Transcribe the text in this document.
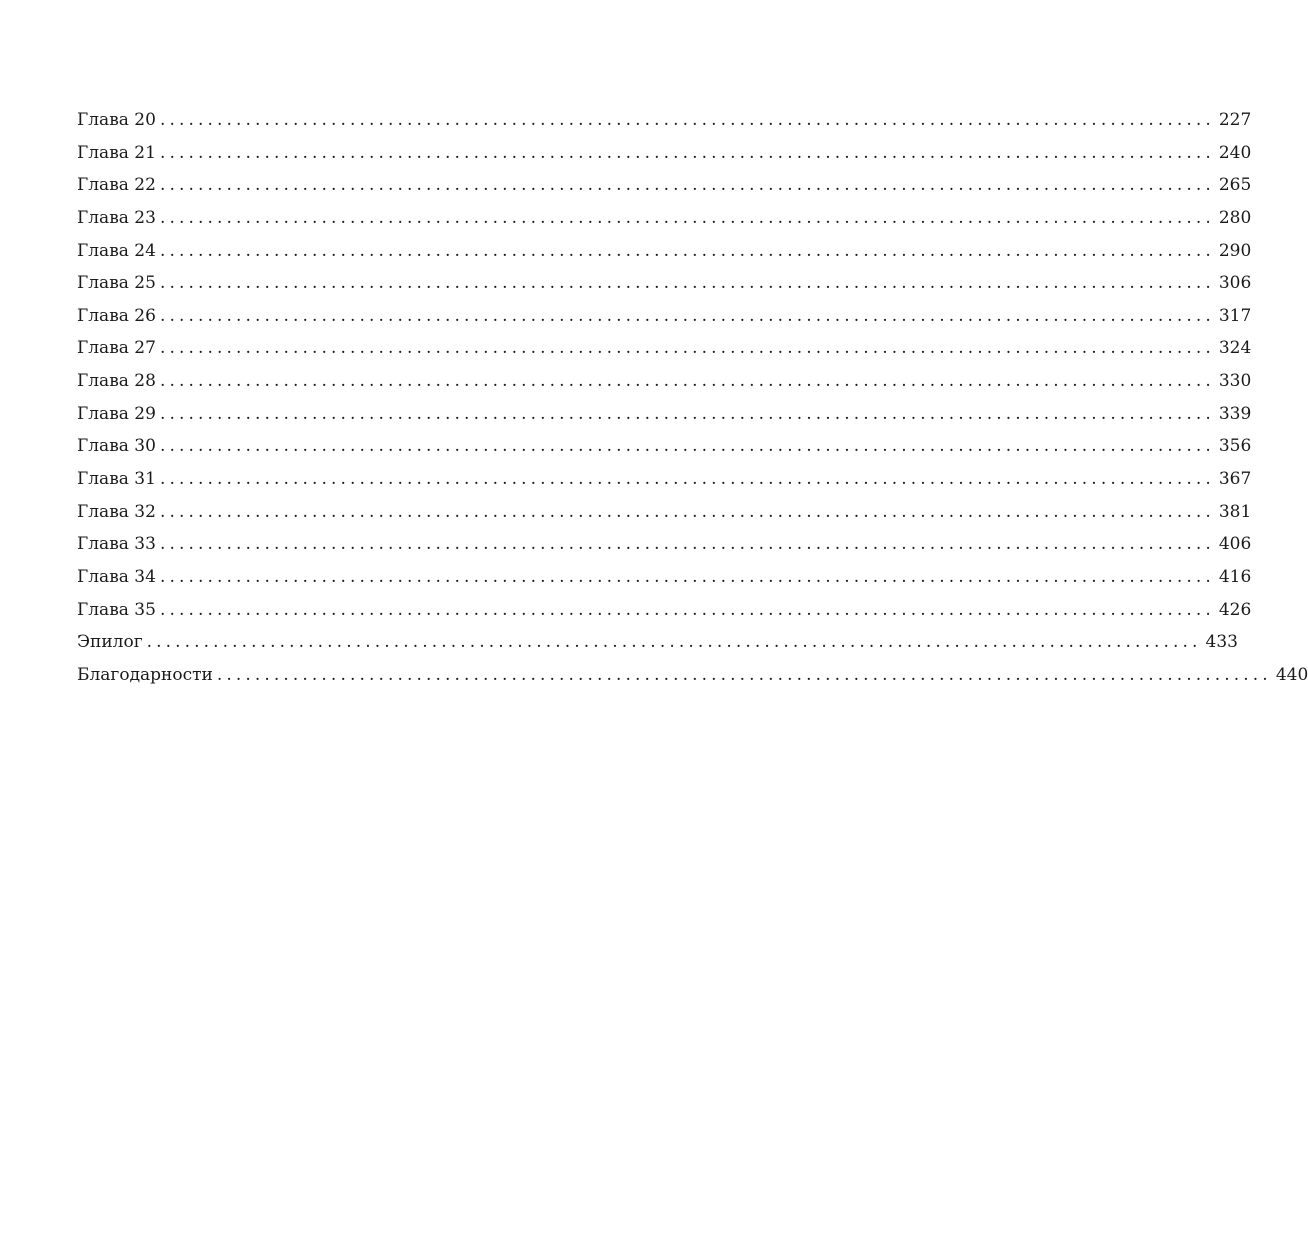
Глава 20 ............................................................................................................... 227
Глава 21 ............................................................................................................... 240
Глава 22 ............................................................................................................... 265
Глава 23 ............................................................................................................... 280
Глава 24 ............................................................................................................... 290
Глава 25 ............................................................................................................... 306
Глава 26 ............................................................................................................... 317
Глава 27 ............................................................................................................... 324
Глава 28 ............................................................................................................... 330
Глава 29 ............................................................................................................... 339
Глава 30 ............................................................................................................... 356
Глава 31 ............................................................................................................... 367
Глава 32 ............................................................................................................... 381
Глава 33 ............................................................................................................... 406
Глава 34 ............................................................................................................... 416
Глава 35 ............................................................................................................... 426
Эпилог ............................................................................................................... 433
Благодарности ............................................................................................................... 440
